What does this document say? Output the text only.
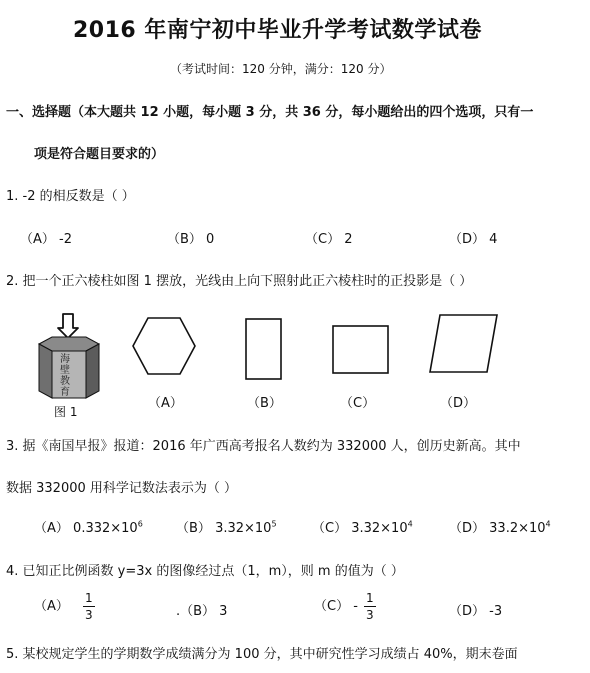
2016 年南宁初中毕业升学考试数学试卷
（考试时间：120 分钟，满分：120 分）
一、选择题（本大题共 12 小题，每小题 3 分，共 36 分，每小题给出的四个选项，只有一
项是符合题目要求的）
1. -2 的相反数是（ ）
（A） -2	（B） 0	（C） 2	（D） 4
2. 把一个正六棱柱如图 1 摆放，光线由上向下照射此正六棱柱时的正投影是（ ）
海壁教育
图 1
（A）	（B）	（C）	（D）
3. 据《南国早报》报道：2016 年广西高考报名人数约为 332000 人，创历史新高。其中
数据 332000 用科学记数法表示为（ ）
（A） $0.332\times 10^6$	（B） $3.32\times 10^5$	（C） $3.32\times 10^4$	（D） $33.2\times 10^4$
4. 已知正比例函数 y=3x 的图像经过点（1，m），则 m 的值为（ ）
$(A) \frac{1}{3}$	.（B） 3	$(C) - \frac{1}{3}$	（D） -3
5. 某校规定学生的学期数学成绩满分为 100 分，其中研究性学习成绩占 40%，期末卷面
